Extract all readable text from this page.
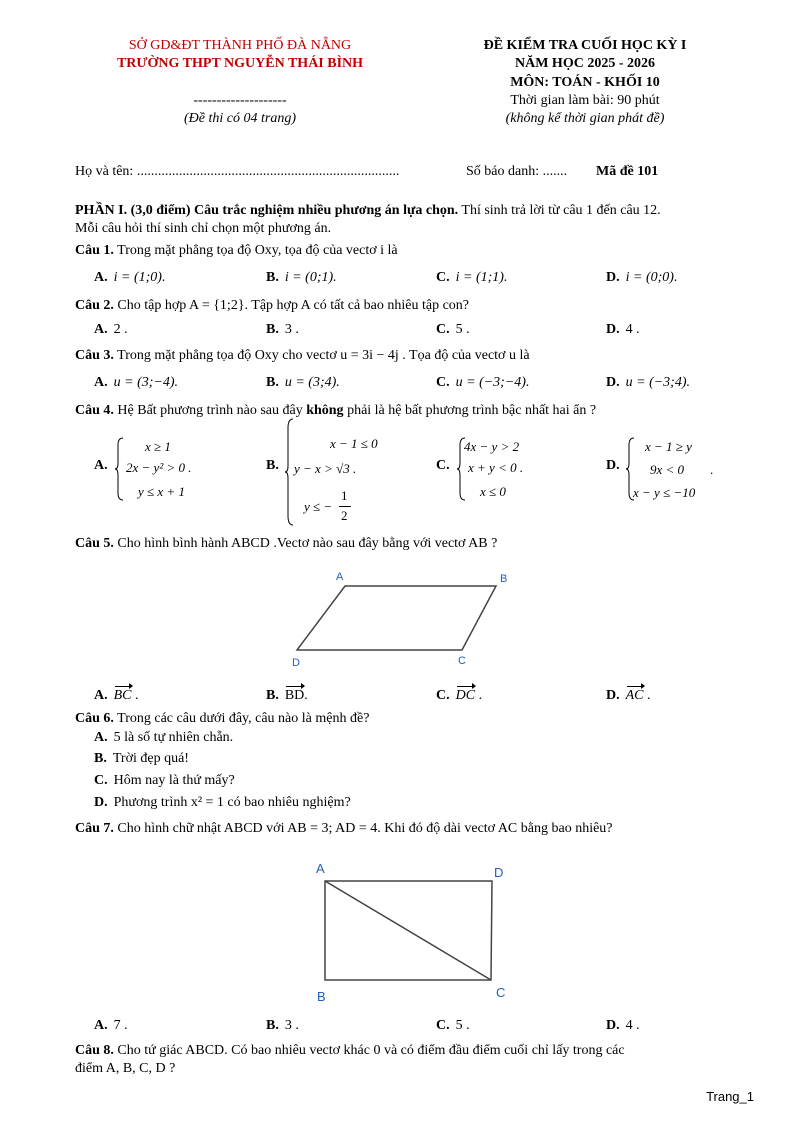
SỞ GD&ĐT THÀNH PHỐ ĐÀ NẴNG
TRƯỜNG THPT NGUYỄN THÁI BÌNH
--------------------
(Đề thi có 04 trang)
ĐỀ KIỂM TRA CUỐI HỌC KỲ I
NĂM HỌC 2025 - 2026
MÔN: TOÁN - KHỐI 10
Thời gian làm bài: 90 phút
(không kể thời gian phát đề)
Họ và tên: ...........................................................................	Số báo danh: ....... Mã đề 101
PHẦN I. (3,0 điểm) Câu trắc nghiệm nhiều phương án lựa chọn. Thí sinh trả lời từ câu 1 đến câu 12.
Mỗi câu hỏi thí sinh chỉ chọn một phương án.
Câu 1. Trong mặt phẳng tọa độ Oxy, tọa độ của vectơ i là
A. i = (1;0).	B. i = (0;1).	C. i = (1;1).	D. i = (0;0).
Câu 2. Cho tập hợp A = {1;2}. Tập hợp A có tất cả bao nhiêu tập con?
A. 2 .	B. 3 .	C. 5 .	D. 4 .
Câu 3. Trong mặt phẳng tọa độ Oxy cho vectơ u = 3i − 4j . Tọa độ của vectơ u là
A. u = (3;−4).	B. u = (3;4).	C. u = (−3;−4).	D. u = (−3;4).
Câu 4. Hệ Bất phương trình nào sau đây không phải là hệ bất phương trình bậc nhất hai ẩn ?
A.
x ≥ 1
2x − y² > 0 .
y ≤ x + 1
B.
x − 1 ≤ 0
y − x > √3 .
y ≤ −
1
2
C.
4x − y > 2
x + y < 0 .
x ≤ 0
D.
x − 1 ≥ y
9x < 0
x − y ≤ −10
.
Câu 5. Cho hình bình hành ABCD .Vectơ nào sau đây bằng với vectơ AB ?
A	B
C
D
A. BC .	B. BD.	C. DC .	D. AC .
Câu 6. Trong các câu dưới đây, câu nào là mệnh đề?
A. 5 là số tự nhiên chẵn.
B. Trời đẹp quá!
C. Hôm nay là thứ mấy?
D. Phương trình x² = 1 có bao nhiêu nghiệm?
Câu 7. Cho hình chữ nhật ABCD với AB = 3; AD = 4. Khi đó độ dài vectơ AC bằng bao nhiêu?
A	D
B	C
A. 7 .	B. 3 .	C. 5 .	D. 4 .
Câu 8. Cho tứ giác ABCD. Có bao nhiêu vectơ khác 0 và có điểm đầu điểm cuối chỉ lấy trong các
điểm A, B, C, D ?
Trang_1
